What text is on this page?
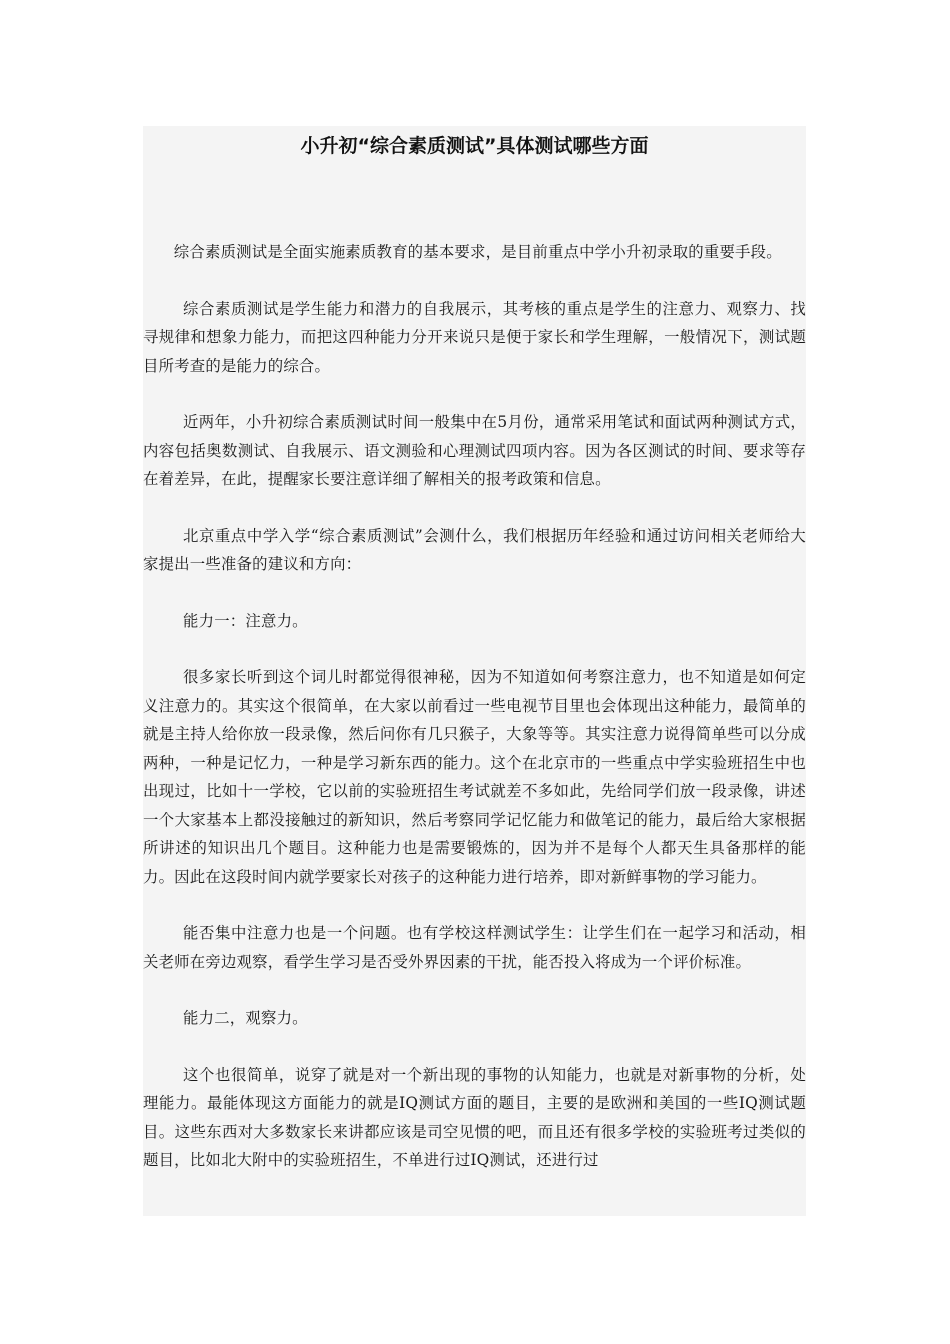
小升初“综合素质测试”具体测试哪些方面

综合素质测试是全面实施素质教育的基本要求，是目前重点中学小升初录取的重要手段。

综合素质测试是学生能力和潜力的自我展示，其考核的重点是学生的注意力、观察力、找寻规律和想象力能力，而把这四种能力分开来说只是便于家长和学生理解，一般情况下，测试题目所考查的是能力的综合。

近两年，小升初综合素质测试时间一般集中在5月份，通常采用笔试和面试两种测试方式，内容包括奥数测试、自我展示、语文测验和心理测试四项内容。因为各区测试的时间、要求等存在着差异，在此，提醒家长要注意详细了解相关的报考政策和信息。

北京重点中学入学“综合素质测试”会测什么，我们根据历年经验和通过访问相关老师给大家提出一些准备的建议和方向：

能力一：注意力。

很多家长听到这个词儿时都觉得很神秘，因为不知道如何考察注意力，也不知道是如何定义注意力的。其实这个很简单，在大家以前看过一些电视节目里也会体现出这种能力，最简单的就是主持人给你放一段录像，然后问你有几只猴子，大象等等。其实注意力说得简单些可以分成两种，一种是记忆力，一种是学习新东西的能力。这个在北京市的一些重点中学实验班招生中也出现过，比如十一学校，它以前的实验班招生考试就差不多如此，先给同学们放一段录像，讲述一个大家基本上都没接触过的新知识，然后考察同学记忆能力和做笔记的能力，最后给大家根据所讲述的知识出几个题目。这种能力也是需要锻炼的，因为并不是每个人都天生具备那样的能力。因此在这段时间内就学要家长对孩子的这种能力进行培养，即对新鲜事物的学习能力。

能否集中注意力也是一个问题。也有学校这样测试学生：让学生们在一起学习和活动，相关老师在旁边观察，看学生学习是否受外界因素的干扰，能否投入将成为一个评价标准。

能力二，观察力。

这个也很简单，说穿了就是对一个新出现的事物的认知能力，也就是对新事物的分析，处理能力。最能体现这方面能力的就是IQ测试方面的题目，主要的是欧洲和美国的一些IQ测试题目。这些东西对大多数家长来讲都应该是司空见惯的吧，而且还有很多学校的实验班考过类似的题目，比如北大附中的实验班招生，不单进行过IQ测试，还进行过
